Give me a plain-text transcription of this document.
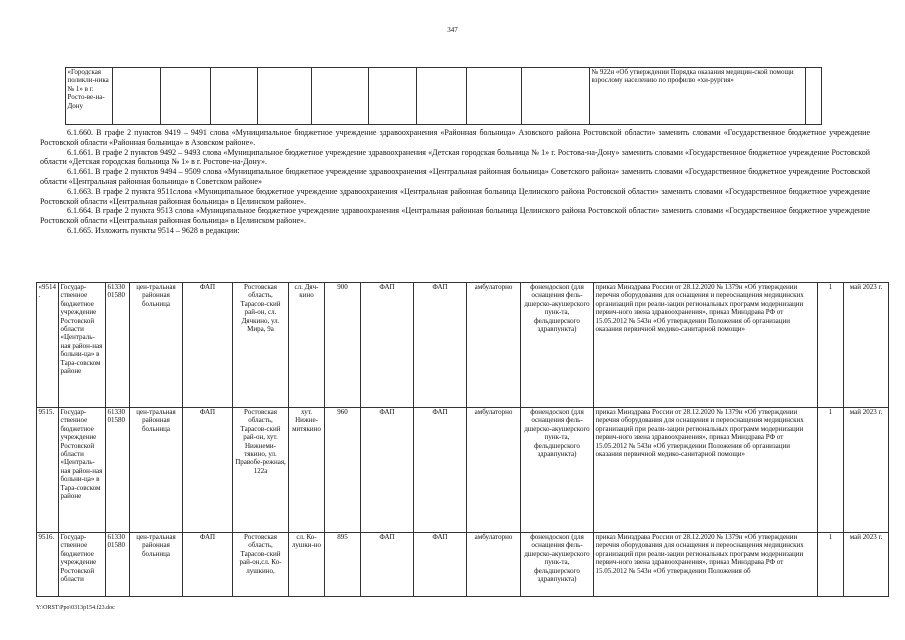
347
«Городская поликли-ника № 1» в г. Росто-ве-на-Дону										№ 922н «Об утверждении Порядка оказания медицин-ской помощи взрослому населению по профилю «хи-рургия»		

6.1.660. В графе 2 пунктов 9419 – 9491 слова «Муниципальное бюджетное учреждение здравоохранения «Районная больница» Азовского района Ростовской области» заменить словами «Государственное бюджетное учреждение Ростовской области «Районная больница» в Азовском районе».

6.1.661. В графе 2 пунктов 9492 – 9493 слова «Муниципальное бюджетное учреждение здравоохранения «Детская городская больница № 1» г. Ростова-на-Дону» заменить словами «Государственное бюджетное учреждение Ростовской области «Детская городская больница № 1» в г. Ростове-на-Дону».

6.1.661. В графе 2 пунктов 9494 – 9509 слова «Муниципальное бюджетное учреждение здравоохранения «Центральная районная больница» Советского района» заменить словами «Государственное бюджетное учреждение Ростовской области «Центральная районная больница» в Советском районе»

6.1.663. В графе 2 пункта 9511слова «Муниципальное бюджетное учреждение здравоохранения «Центральная районная больница Целинского района Ростовской области» заменить словами «Государственное бюджетное учреждение Ростовской области «Центральная районная больница» в Целинском районе».

6.1.664. В графе 2 пункта 9513 слова «Муниципальное бюджетное учреждение здравоохранения «Центральная районная больница Целинского района Ростовской области» заменить словами «Государственное бюджетное учреждение Ростовской области «Центральная районная больница» в Целинском районе».

6.1.665. Изложить пункты 9514 – 9628 в редакции:

«9514.	Государ-ственное бюджетное учреждение Ростовской области «Централь-ная район-ная больни-ца» в Тара-совском районе	61330 01580	цен-тральная районная больница	ФАП	Ростовская область, Тарасов-ский рай-он, сл. Дячкино, ул. Мира, 9а	сл. Дяч-кино	900	ФАП	ФАП	амбулаторно	фонендоскоп (для оснащения фель-дшерско-акушерского пунк-та, фельдшерского здравпункта)	приказ Минздрава России от 28.12.2020 № 1379н «Об утверждении перечня оборудования для оснащения и переоснащения медицинских организаций при реали-зации региональных программ модернизации первич-ного звена здравоохранения», приказ Минздрава РФ от 15.05.2012 № 543н «Об утверждении Положения об организации оказания первичной медико-санитарной помощи»	1	май 2023 г.
9515.	Государ-ственное бюджетное учреждение Ростовской области «Централь-ная район-ная больни-ца» в Тара-совском районе	61330 01580	цен-тральная районная больница	ФАП	Ростовская область, Тарасов-ский рай-он, хут. Нижнеми-тякино, ул. Правобе-режная, 122а	хут. Нижне-митякино	960	ФАП	ФАП	амбулаторно	фонендоскоп (для оснащения фель-дшерско-акушерского пунк-та, фельдшерского здравпункта)	приказ Минздрава России от 28.12.2020 № 1379н «Об утверждении перечня оборудования для оснащения и переоснащения медицинских организаций при реали-зации региональных программ модернизации первич-ного звена здравоохранения», приказ Минздрава РФ от 15.05.2012 № 543н «Об утверждении Положения об организации оказания первичной медико-санитарной помощи»	1	май 2023 г.
9516.	Государ-ственное бюджетное учреждение Ростовской области	61330 01580	цен-тральная районная больница	ФАП	Ростовская область, Тарасов-ский рай-он,сл. Ко-лушкино,	сл. Ко-лушки-но	895	ФАП	ФАП	амбулаторно	фонендоскоп (для оснащения фель-дшерско-акушерского пунк-та, фельдшерского здравпункта)	приказ Минздрава России от 28.12.2020 № 1379н «Об утверждении перечня оборудования для оснащения и переоснащения медицинских организаций при реали-зации региональных программ модернизации первич-ного звена здравоохранения», приказ Минздрава РФ от 15.05.2012 № 543н «Об утверждении Положения об	1	май 2023 г.
Y:\ORST\Ppo\0313p154.f23.doc
